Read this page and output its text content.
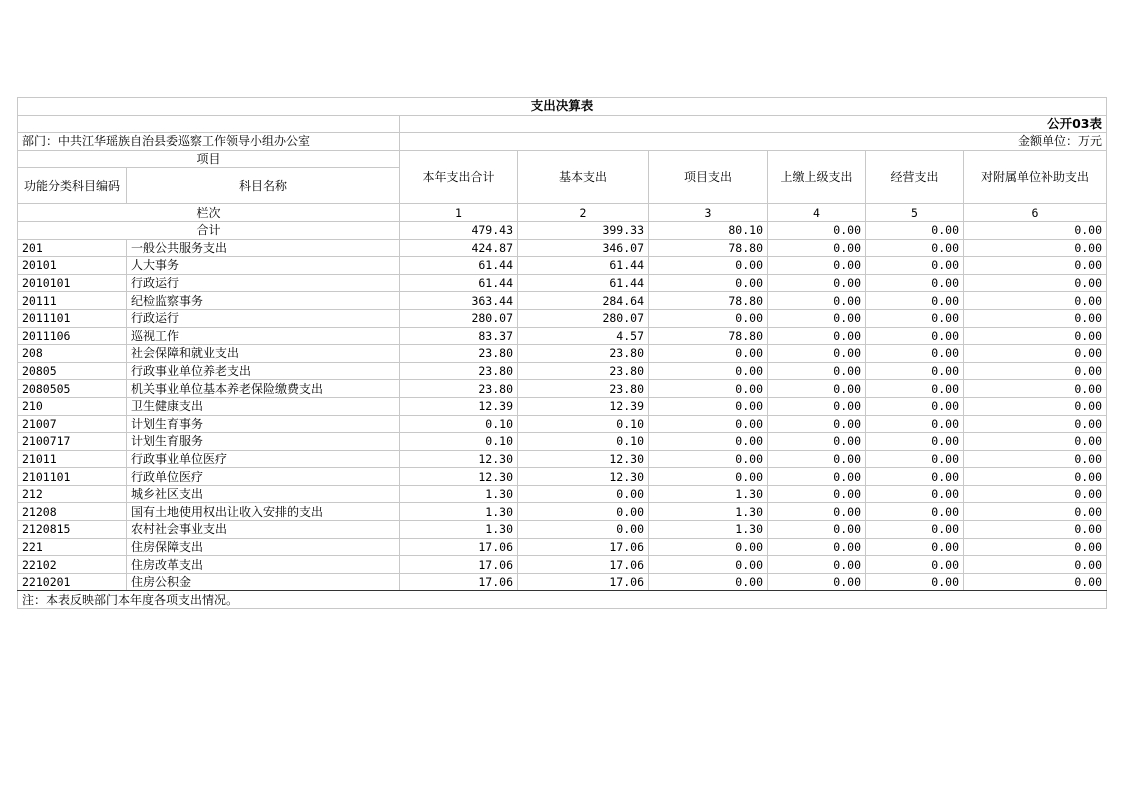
支出决算表							
		公开03表					
部门：中共江华瑶族自治县委巡察工作领导小组办公室		金额单位：万元					
项目		本年支出合计	基本支出	项目支出	上缴上级支出	经营支出	对附属单位补助支出
功能分类科目编码	科目名称						
栏次		1	2	3	4	5	6
合计		479.43	399.33	80.10	0.00	0.00	0.00
201	一般公共服务支出	424.87	346.07	78.80	0.00	0.00	0.00
20101	人大事务	61.44	61.44	0.00	0.00	0.00	0.00
2010101	行政运行	61.44	61.44	0.00	0.00	0.00	0.00
20111	纪检监察事务	363.44	284.64	78.80	0.00	0.00	0.00
2011101	行政运行	280.07	280.07	0.00	0.00	0.00	0.00
2011106	巡视工作	83.37	4.57	78.80	0.00	0.00	0.00
208	社会保障和就业支出	23.80	23.80	0.00	0.00	0.00	0.00
20805	行政事业单位养老支出	23.80	23.80	0.00	0.00	0.00	0.00
2080505	机关事业单位基本养老保险缴费支出	23.80	23.80	0.00	0.00	0.00	0.00
210	卫生健康支出	12.39	12.39	0.00	0.00	0.00	0.00
21007	计划生育事务	0.10	0.10	0.00	0.00	0.00	0.00
2100717	计划生育服务	0.10	0.10	0.00	0.00	0.00	0.00
21011	行政事业单位医疗	12.30	12.30	0.00	0.00	0.00	0.00
2101101	行政单位医疗	12.30	12.30	0.00	0.00	0.00	0.00
212	城乡社区支出	1.30	0.00	1.30	0.00	0.00	0.00
21208	国有土地使用权出让收入安排的支出	1.30	0.00	1.30	0.00	0.00	0.00
2120815	农村社会事业支出	1.30	0.00	1.30	0.00	0.00	0.00
221	住房保障支出	17.06	17.06	0.00	0.00	0.00	0.00
22102	住房改革支出	17.06	17.06	0.00	0.00	0.00	0.00
2210201	住房公积金	17.06	17.06	0.00	0.00	0.00	0.00
注：本表反映部门本年度各项支出情况。							
